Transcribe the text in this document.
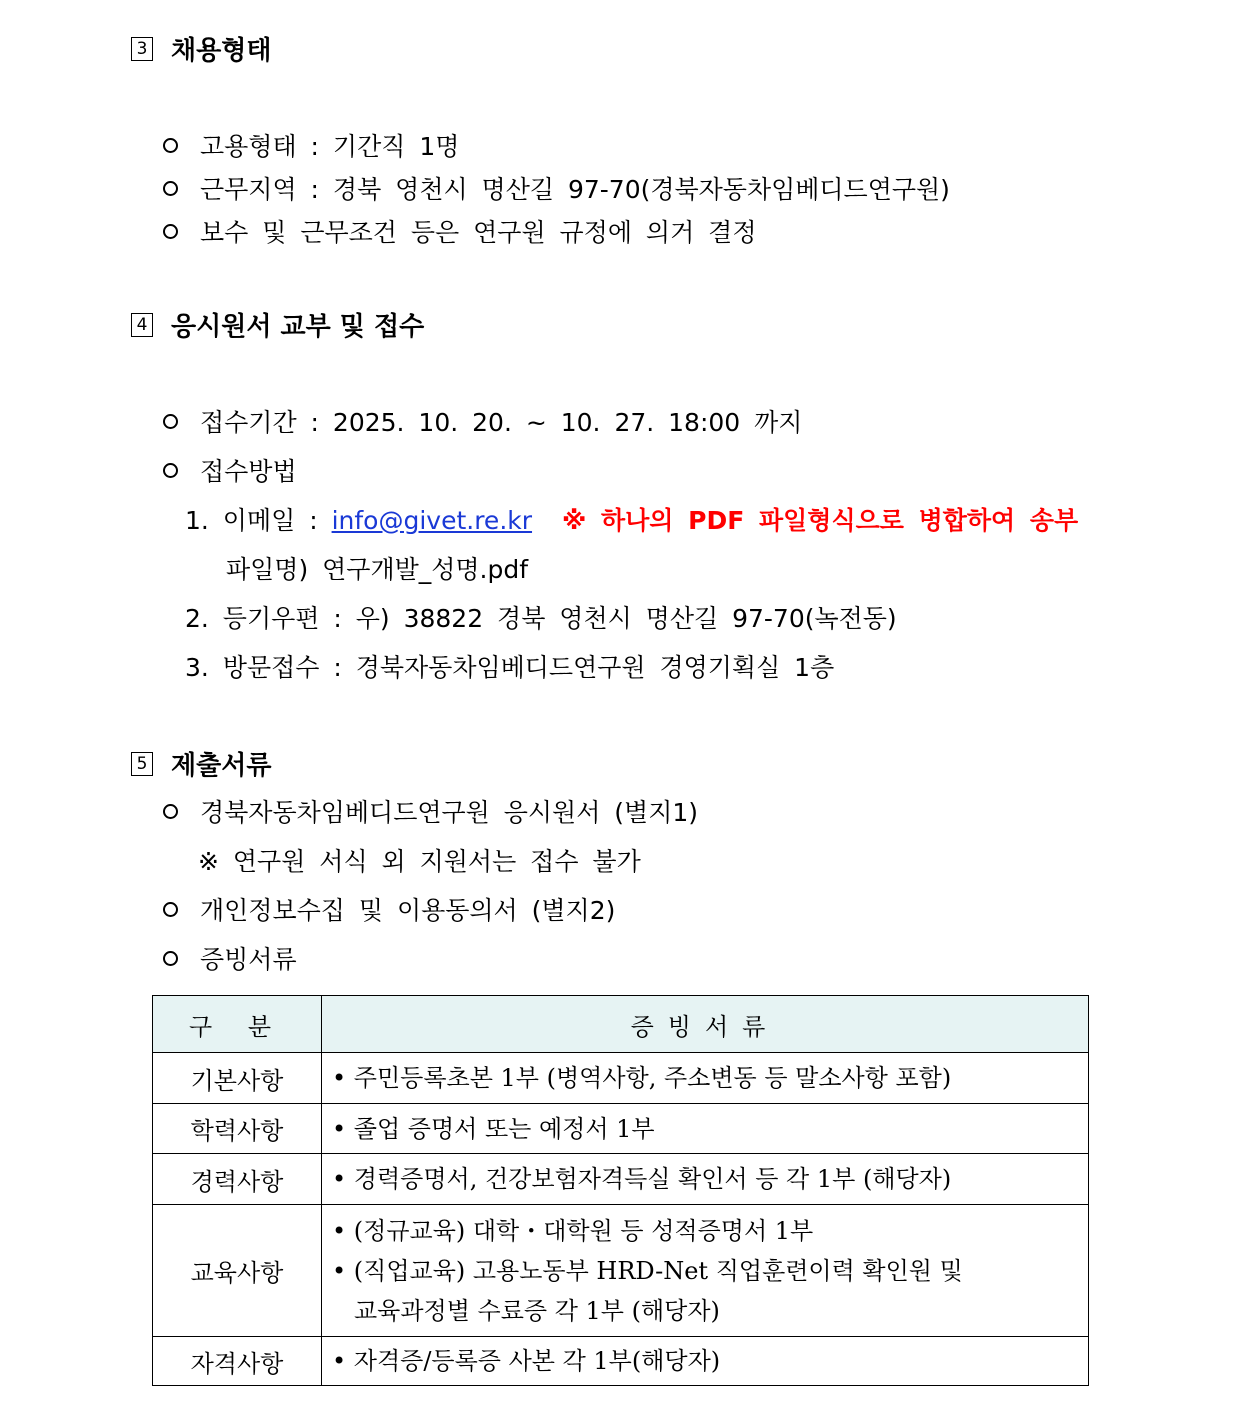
3 채용형태
고용형태 : 기간직 1명
근무지역 : 경북 영천시 명산길 97-70(경북자동차임베디드연구원)
보수 및 근무조건 등은 연구원 규정에 의거 결정
4 응시원서 교부 및 접수
접수기간 : 2025. 10. 20. ~ 10. 27. 18:00 까지
접수방법
1. 이메일 : info@givet.re.kr ※ 하나의 PDF 파일형식으로 병합하여 송부
파일명) 연구개발_성명.pdf
2. 등기우편 : 우) 38822 경북 영천시 명산길 97-70(녹전동)
3. 방문접수 : 경북자동차임베디드연구원 경영기획실 1층
5 제출서류
경북자동차임베디드연구원 응시원서 (별지1)
※ 연구원 서식 외 지원서는 접수 불가
개인정보수집 및 이용동의서 (별지2)
증빙서류
구 분	증빙서류
기본사항	• 주민등록초본 1부 (병역사항, 주소변동 등 말소사항 포함)

학력사항	• 졸업 증명서 또는 예정서 1부

경력사항	• 경력증명서, 건강보험자격득실 확인서 등 각 1부 (해당자)

교육사항	• (정규교육) 대학・대학원 등 성적증명서 1부
• (직업교육) 고용노동부 HRD-Net 직업훈련이력 확인원 및
교육과정별 수료증 각 1부 (해당자)

자격사항	• 자격증/등록증 사본 각 1부(해당자)
